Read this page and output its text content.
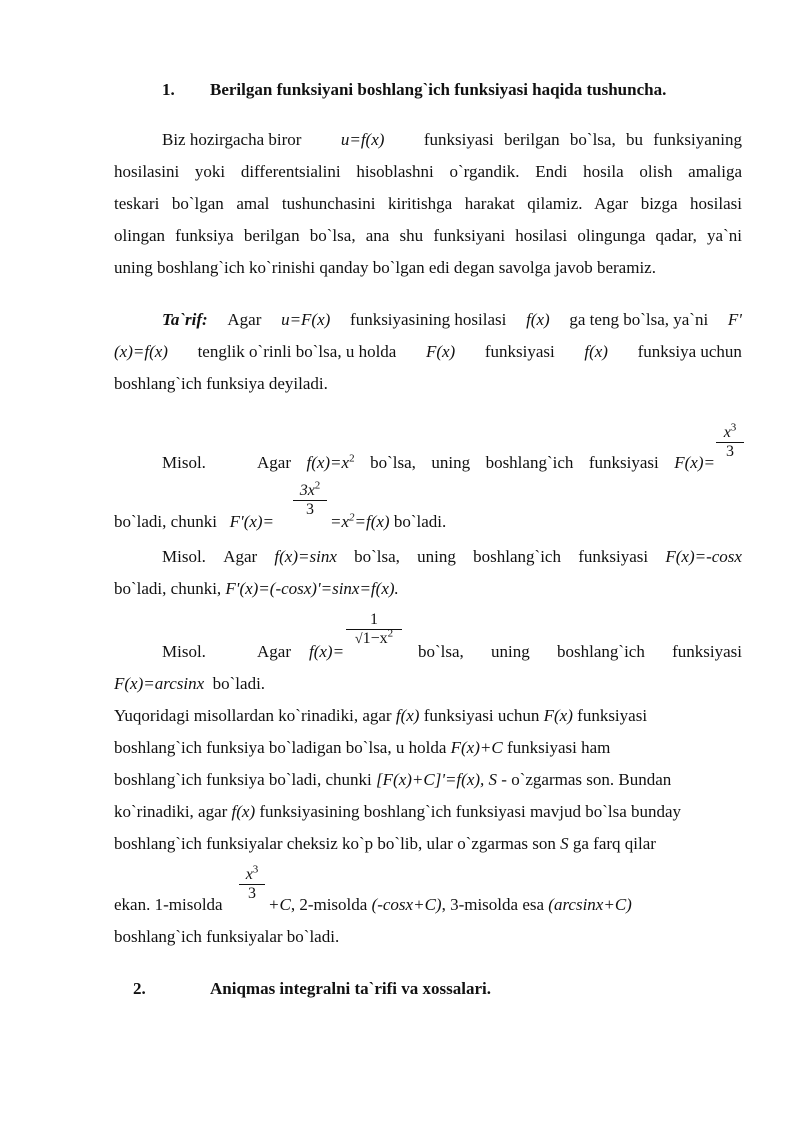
1. Berilgan funksiyani boshlang`ich funksiyasi haqida tushuncha.
Biz hozirgacha biror u=f(x) funksiyasi berilgan bo`lsa, bu funksiyaning
hosilasini yoki differentsialini hisoblashni o`rgandik. Endi hosila olish amaliga
teskari bo`lgan amal tushunchasini kiritishga harakat qilamiz. Agar bizga hosilasi
olingan funksiya berilgan bo`lsa, ana shu funksiyani hosilasi olingunga qadar, ya`ni
uning boshlang`ich ko`rinishi qanday bo`lgan edi degan savolga javob beramiz.
Ta`rif: Agar u=F(x) funksiyasining hosilasi f(x) ga teng bo`lsa, ya`ni F'
(x)=f(x) tenglik o`rinli bo`lsa, u holda F(x) funksiyasi f(x) funksiya uchun
boshlang`ich funksiya deyiladi.
Misol.	Agar $f(x)=x^2$ bo`lsa, uning boshlang`ich funksiyasi F(x)=
$x^3$
3
bo`ladi, chunki F'(x)=
$3x^2$
3
$=x^2=f(x)$ bo`ladi.
Misol. Agar f(x)=sinx bo`lsa, uning boshlang`ich funksiyasi F(x)=-cosx
bo`ladi, chunki, F'(x)=(-cosx)'=sinx=f(x).
Misol.	Agar f(x)=
1
$√1-x^2$
bo`lsa, uning boshlang`ich funksiyasi
F(x)=arcsinx bo`ladi.
Yuqoridagi misollardan ko`rinadiki, agar f(x) funksiyasi uchun F(x) funksiyasi
boshlang`ich funksiya bo`ladigan bo`lsa, u holda F(x)+C funksiyasi ham
boshlang`ich funksiya bo`ladi, chunki [F(x)+C]'=f(x), S - o`zgarmas son. Bundan
ko`rinadiki, agar f(x) funksiyasining boshlang`ich funksiyasi mavjud bo`lsa bunday
boshlang`ich funksiyalar cheksiz ko`p bo`lib, ular o`zgarmas son S ga farq qilar
$x^3$
3
ekan. 1-misolda	+C, 2-misolda (-cosx+C), 3-misolda esa (arcsinx+C)
boshlang`ich funksiyalar bo`ladi.
2.	Aniqmas integralni ta`rifi va xossalari.
